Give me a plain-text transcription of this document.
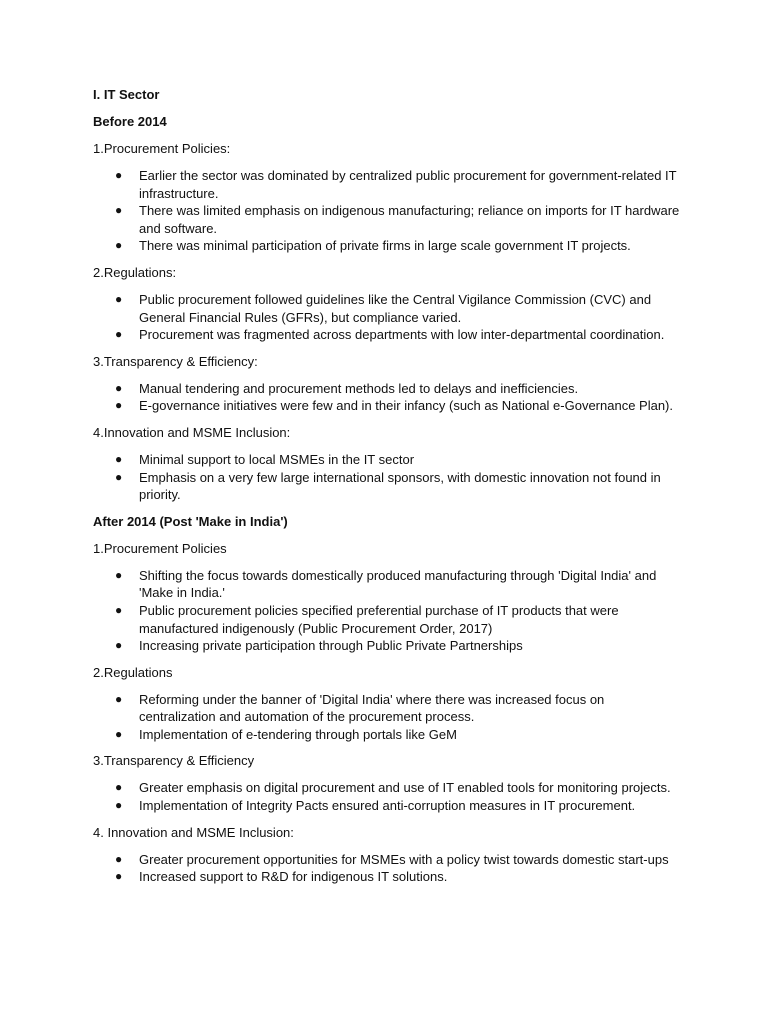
I. IT Sector
Before 2014
1.Procurement Policies:
● Earlier the sector was dominated by centralized public procurement for government-related IT infrastructure.
● There was limited emphasis on indigenous manufacturing; reliance on imports for IT hardware and software.
● There was minimal participation of private firms in large scale government IT projects.
2.Regulations:
● Public procurement followed guidelines like the Central Vigilance Commission (CVC) and General Financial Rules (GFRs), but compliance varied.
● Procurement was fragmented across departments with low inter-departmental coordination.
3.Transparency & Efficiency:
● Manual tendering and procurement methods led to delays and inefficiencies.
● E-governance initiatives were few and in their infancy (such as National e-Governance Plan).
4.Innovation and MSME Inclusion:
● Minimal support to local MSMEs in the IT sector
● Emphasis on a very few large international sponsors, with domestic innovation not found in priority.
After 2014 (Post 'Make in India')
1.Procurement Policies
● Shifting the focus towards domestically produced manufacturing through 'Digital India' and 'Make in India.'
● Public procurement policies specified preferential purchase of IT products that were manufactured indigenously (Public Procurement Order, 2017)
● Increasing private participation through Public Private Partnerships
2.Regulations
● Reforming under the banner of 'Digital India' where there was increased focus on centralization and automation of the procurement process.
● Implementation of e-tendering through portals like GeM
3.Transparency & Efficiency
● Greater emphasis on digital procurement and use of IT enabled tools for monitoring projects.
● Implementation of Integrity Pacts ensured anti-corruption measures in IT procurement.
4. Innovation and MSME Inclusion:
● Greater procurement opportunities for MSMEs with a policy twist towards domestic start-ups
● Increased support to R&D for indigenous IT solutions.
